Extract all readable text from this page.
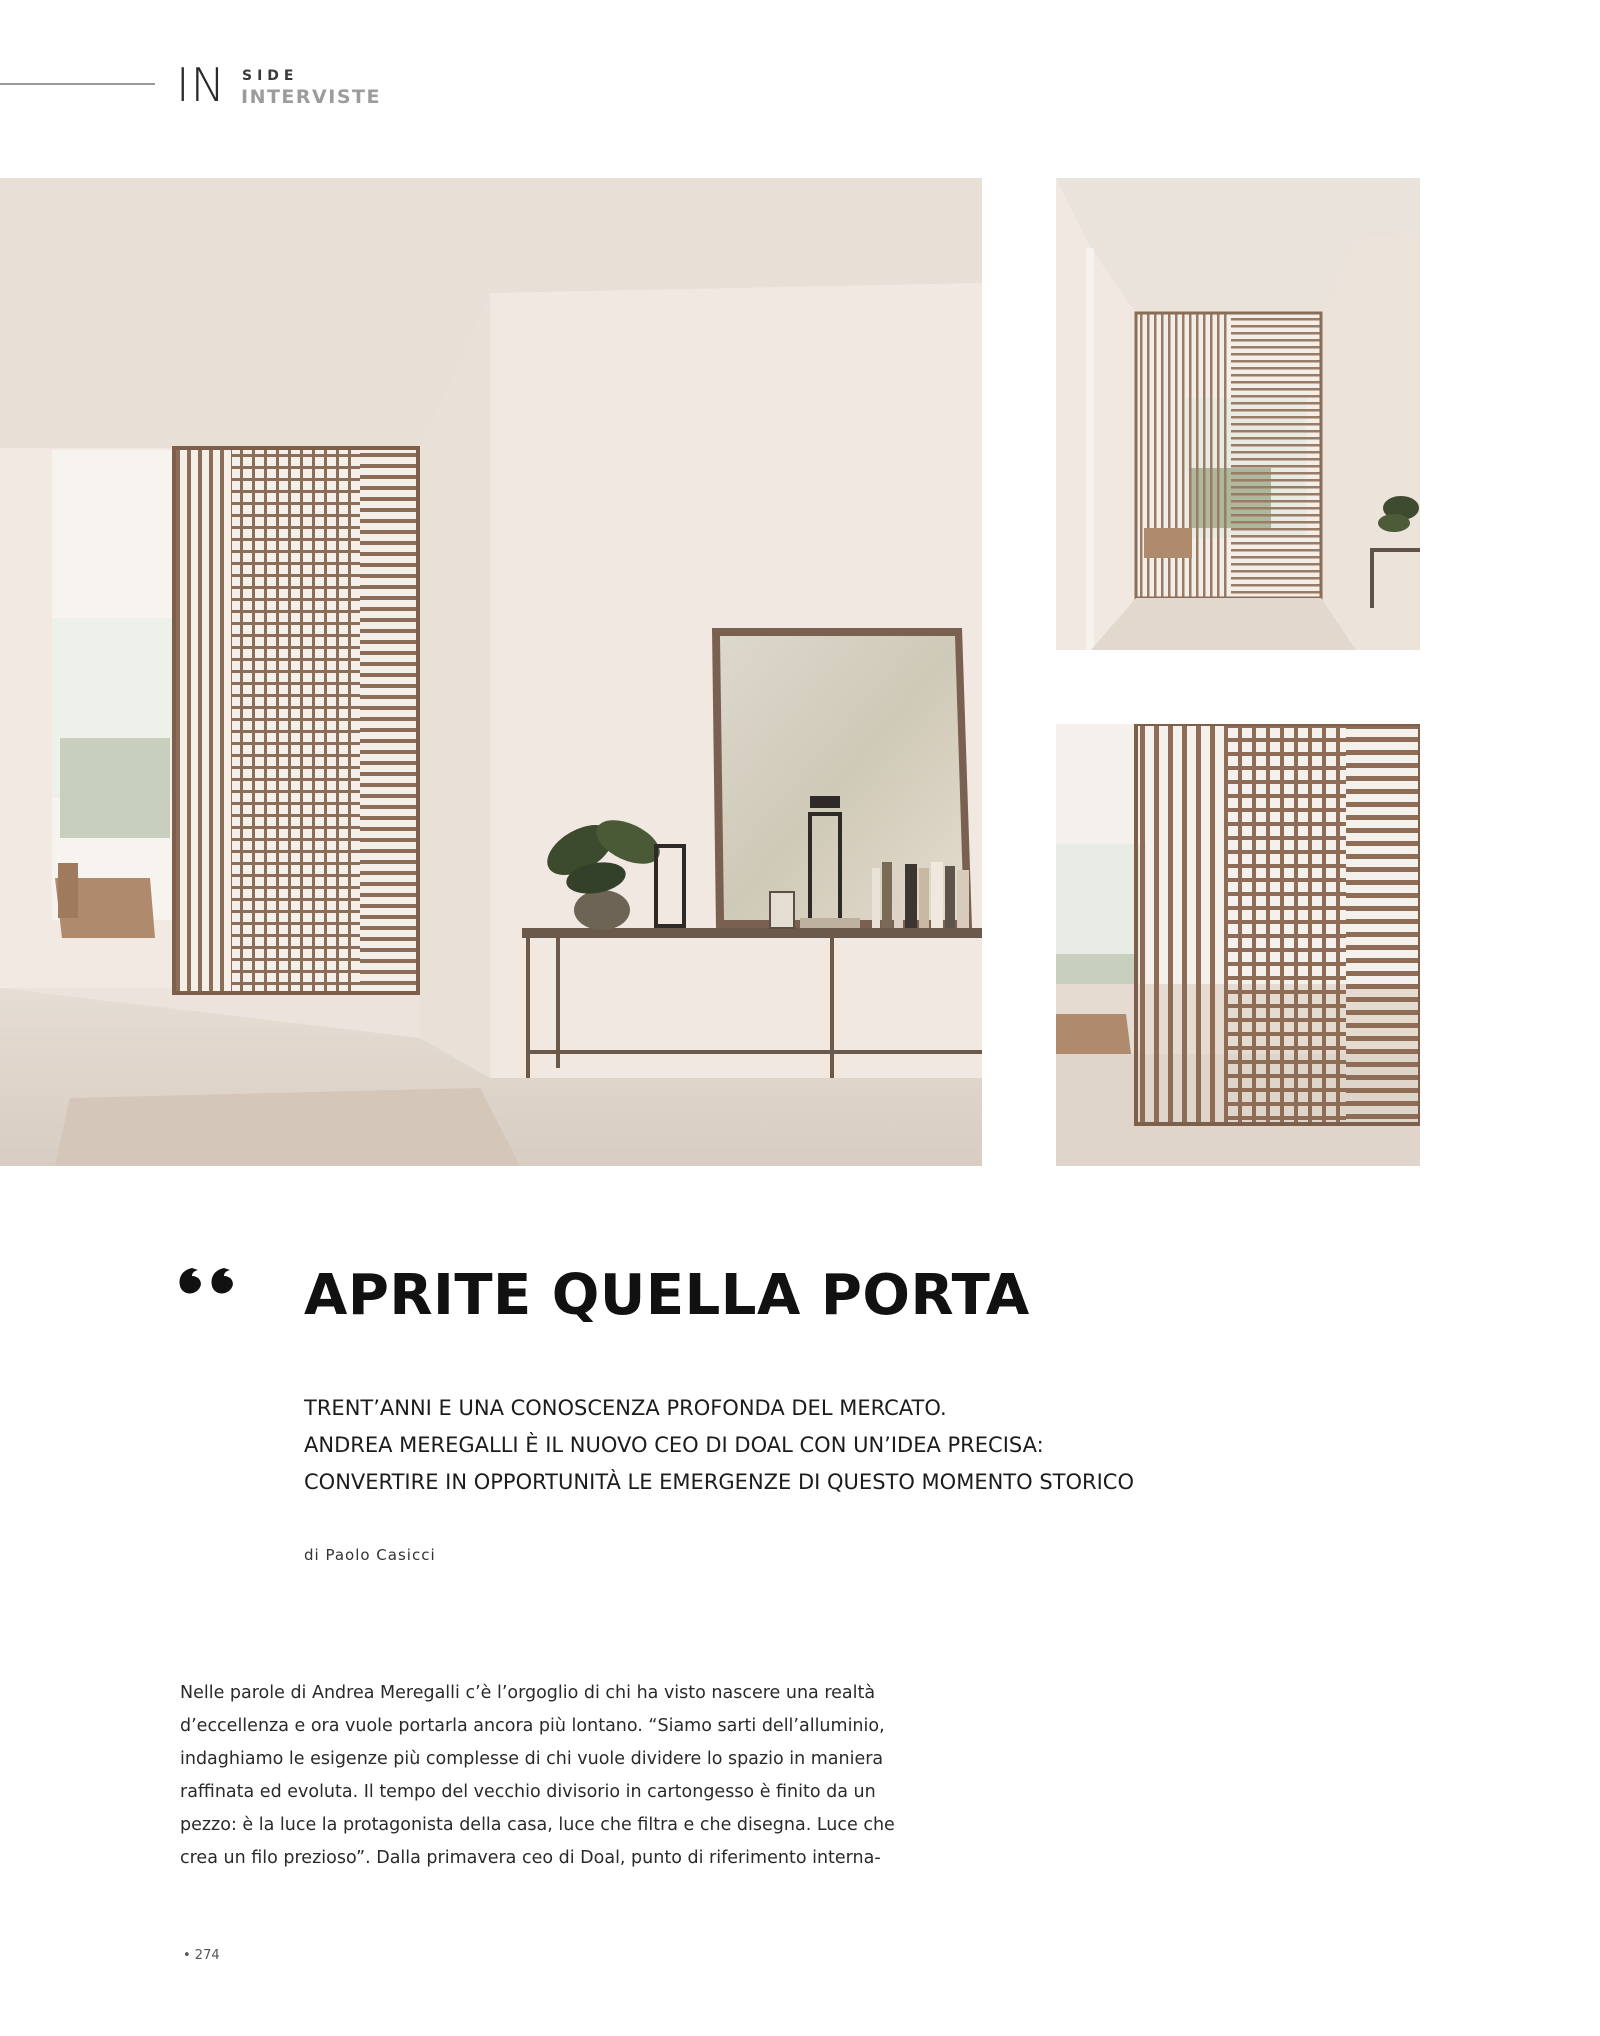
IN SIDE
INTERVISTE
APRITE QUELLA PORTA
TRENT’ANNI E UNA CONOSCENZA PROFONDA DEL MERCATO.
ANDREA MEREGALLI È IL NUOVO CEO DI DOAL CON UN’IDEA PRECISA:
CONVERTIRE IN OPPORTUNITÀ LE EMERGENZE DI QUESTO MOMENTO STORICO
di Paolo Casicci
Nelle parole di Andrea Meregalli c’è l’orgoglio di chi ha visto nascere una realtà
d’eccellenza e ora vuole portarla ancora più lontano. “Siamo sarti dell’alluminio,
indaghiamo le esigenze più complesse di chi vuole dividere lo spazio in maniera
raffinata ed evoluta. Il tempo del vecchio divisorio in cartongesso è finito da un
pezzo: è la luce la protagonista della casa, luce che filtra e che disegna. Luce che
crea un filo prezioso”. Dalla primavera ceo di Doal, punto di riferimento interna-
• 274
